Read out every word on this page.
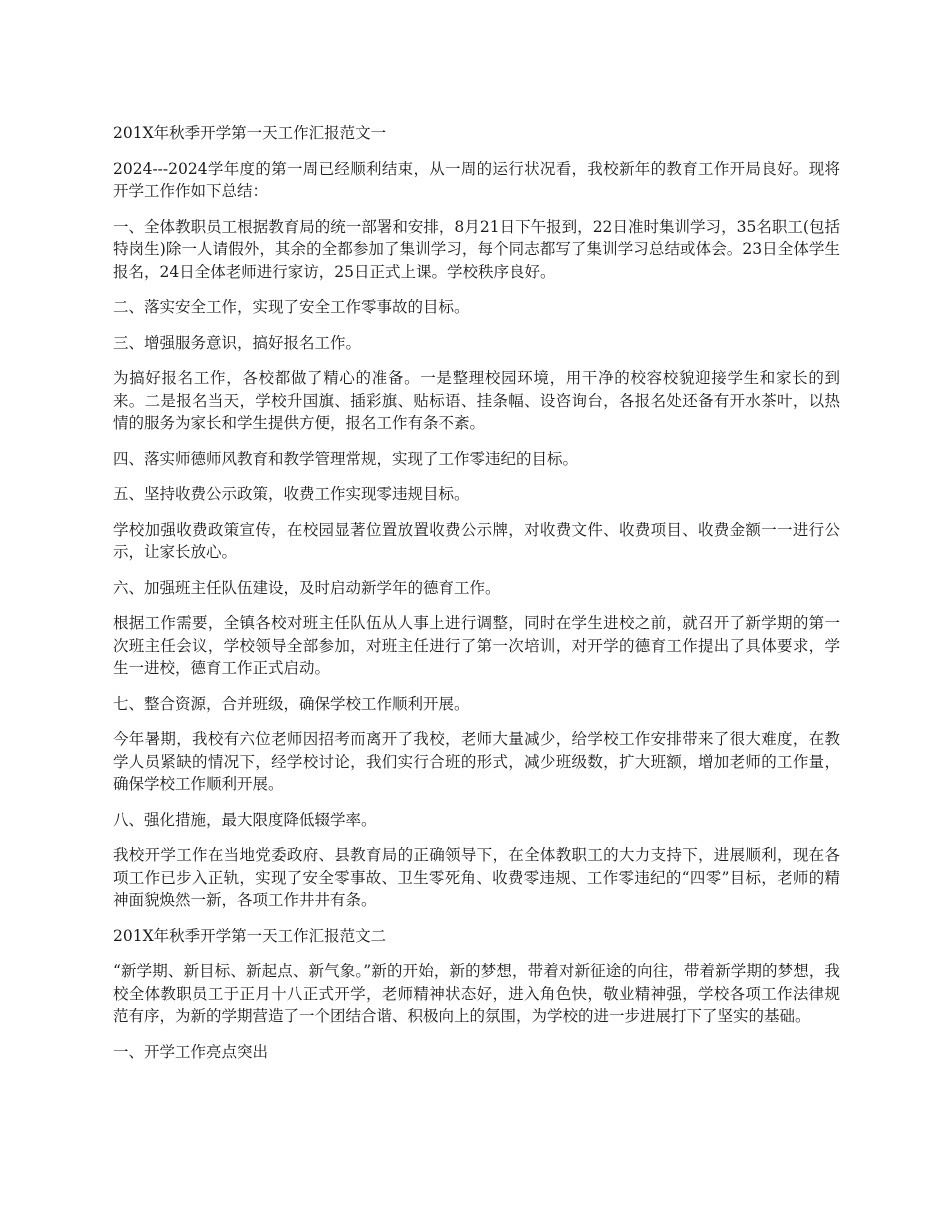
201X年秋季开学第一天工作汇报范文一

2024---2024学年度的第一周已经顺利结束，从一周的运行状况看，我校新年的教育工作开局良好。现将开学工作作如下总结：

一、全体教职员工根据教育局的统一部署和安排，8月21日下午报到，22日准时集训学习，35名职工(包括特岗生)除一人请假外，其余的全都参加了集训学习，每个同志都写了集训学习总结或体会。23日全体学生报名，24日全体老师进行家访，25日正式上课。学校秩序良好。

二、落实安全工作，实现了安全工作零事故的目标。

三、增强服务意识，搞好报名工作。

为搞好报名工作，各校都做了精心的准备。一是整理校园环境，用干净的校容校貌迎接学生和家长的到来。二是报名当天，学校升国旗、插彩旗、贴标语、挂条幅、设咨询台，各报名处还备有开水茶叶，以热情的服务为家长和学生提供方便，报名工作有条不紊。

四、落实师德师风教育和教学管理常规，实现了工作零违纪的目标。

五、坚持收费公示政策，收费工作实现零违规目标。

学校加强收费政策宣传，在校园显著位置放置收费公示牌，对收费文件、收费项目、收费金额一一进行公示，让家长放心。

六、加强班主任队伍建设，及时启动新学年的德育工作。

根据工作需要，全镇各校对班主任队伍从人事上进行调整，同时在学生进校之前，就召开了新学期的第一次班主任会议，学校领导全部参加，对班主任进行了第一次培训，对开学的德育工作提出了具体要求，学生一进校，德育工作正式启动。

七、整合资源，合并班级，确保学校工作顺利开展。

今年暑期，我校有六位老师因招考而离开了我校，老师大量减少，给学校工作安排带来了很大难度，在教学人员紧缺的情况下，经学校讨论，我们实行合班的形式，减少班级数，扩大班额，增加老师的工作量，确保学校工作顺利开展。

八、强化措施，最大限度降低辍学率。

我校开学工作在当地党委政府、县教育局的正确领导下，在全体教职工的大力支持下，进展顺利，现在各项工作已步入正轨，实现了安全零事故、卫生零死角、收费零违规、工作零违纪的“四零”目标，老师的精神面貌焕然一新，各项工作井井有条。

201X年秋季开学第一天工作汇报范文二

“新学期、新目标、新起点、新气象。”新的开始，新的梦想，带着对新征途的向往，带着新学期的梦想，我校全体教职员工于正月十八正式开学，老师精神状态好，进入角色快，敬业精神强，学校各项工作法律规范有序，为新的学期营造了一个团结合谐、积极向上的氛围，为学校的进一步进展打下了坚实的基础。

一、开学工作亮点突出
